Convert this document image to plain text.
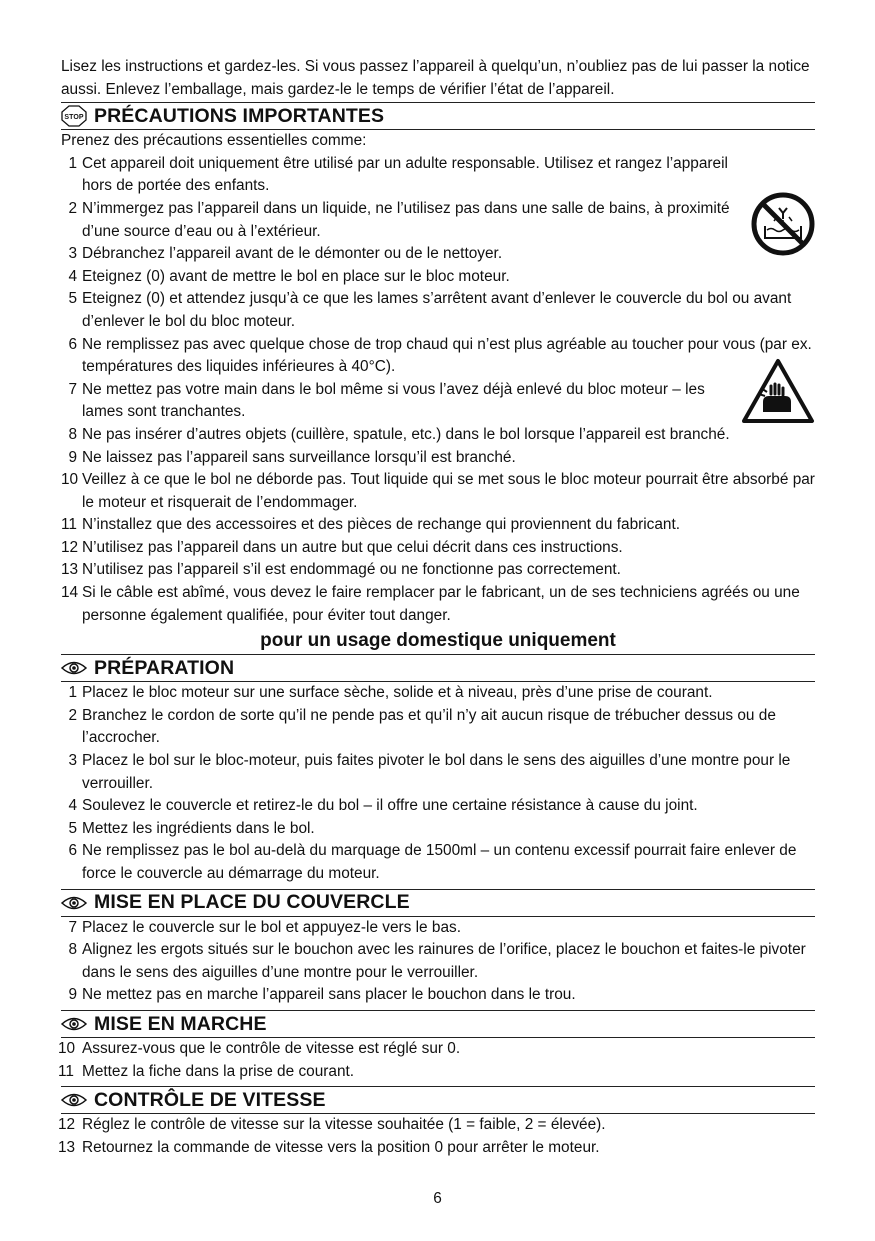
Lisez les instructions et gardez-les. Si vous passez l’appareil à quelqu’un, n’oubliez pas de lui passer la notice aussi. Enlevez l’emballage, mais gardez-le le temps de vérifier l’état de l’appareil.

STOP PRÉCAUTIONS IMPORTANTES

Prenez des précautions essentielles comme:

1 Cet appareil doit uniquement être utilisé par un adulte responsable. Utilisez et rangez l’appareil hors de portée des enfants.
2 N’immergez pas l’appareil dans un liquide, ne l’utilisez pas dans une salle de bains, à proximité d’une source d’eau ou à l’extérieur.
3 Débranchez l’appareil avant de le démonter ou de le nettoyer.
4 Eteignez (0) avant de mettre le bol en place sur le bloc moteur.
5 Eteignez (0) et attendez jusqu’à ce que les lames s’arrêtent avant d’enlever le couvercle du bol ou avant d’enlever le bol du bloc moteur.
6 Ne remplissez pas avec quelque chose de trop chaud qui n’est plus agréable au toucher pour vous (par ex. températures des liquides inférieures à 40°C).
7 Ne mettez pas votre main dans le bol même si vous l’avez déjà enlevé du bloc moteur – les lames sont tranchantes.
8 Ne pas insérer d’autres objets (cuillère, spatule, etc.) dans le bol lorsque l’appareil est branché.
9 Ne laissez pas l’appareil sans surveillance lorsqu’il est branché.
10 Veillez à ce que le bol ne déborde pas. Tout liquide qui se met sous le bloc moteur pourrait être absorbé par le moteur et risquerait de l’endommager.
11 N’installez que des accessoires et des pièces de rechange qui proviennent du fabricant.
12 N’utilisez pas l’appareil dans un autre but que celui décrit dans ces instructions.
13 N’utilisez pas l’appareil s’il est endommagé ou ne fonctionne pas correctement.
14 Si le câble est abîmé, vous devez le faire remplacer par le fabricant, un de ses techniciens agréés ou une personne également qualifiée, pour éviter tout danger.
pour un usage domestique uniquement
PRÉPARATION
1 Placez le bloc moteur sur une surface sèche, solide et à niveau, près d’une prise de courant.
2 Branchez le cordon de sorte qu’il ne pende pas et qu’il n’y ait aucun risque de trébucher dessus ou de l’accrocher.
3 Placez le bol sur le bloc-moteur, puis faites pivoter le bol dans le sens des aiguilles d’une montre pour le verrouiller.
4 Soulevez le couvercle et retirez-le du bol – il offre une certaine résistance à cause du joint.
5 Mettez les ingrédients dans le bol.
6 Ne remplissez pas le bol au-delà du marquage de 1500ml – un contenu excessif pourrait faire enlever de force le couvercle au démarrage du moteur.
MISE EN PLACE DU COUVERCLE
7 Placez le couvercle sur le bol et appuyez-le vers le bas.
8 Alignez les ergots situés sur le bouchon avec les rainures de l’orifice, placez le bouchon et faites-le pivoter dans le sens des aiguilles d’une montre pour le verrouiller.
9 Ne mettez pas en marche l’appareil sans placer le bouchon dans le trou.
MISE EN MARCHE
10 Assurez-vous que le contrôle de vitesse est réglé sur 0.
11 Mettez la fiche dans la prise de courant.
CONTRÔLE DE VITESSE
12 Réglez le contrôle de vitesse sur la vitesse souhaitée (1 = faible, 2 = élevée).
13 Retournez la commande de vitesse vers la position 0 pour arrêter le moteur.
6
